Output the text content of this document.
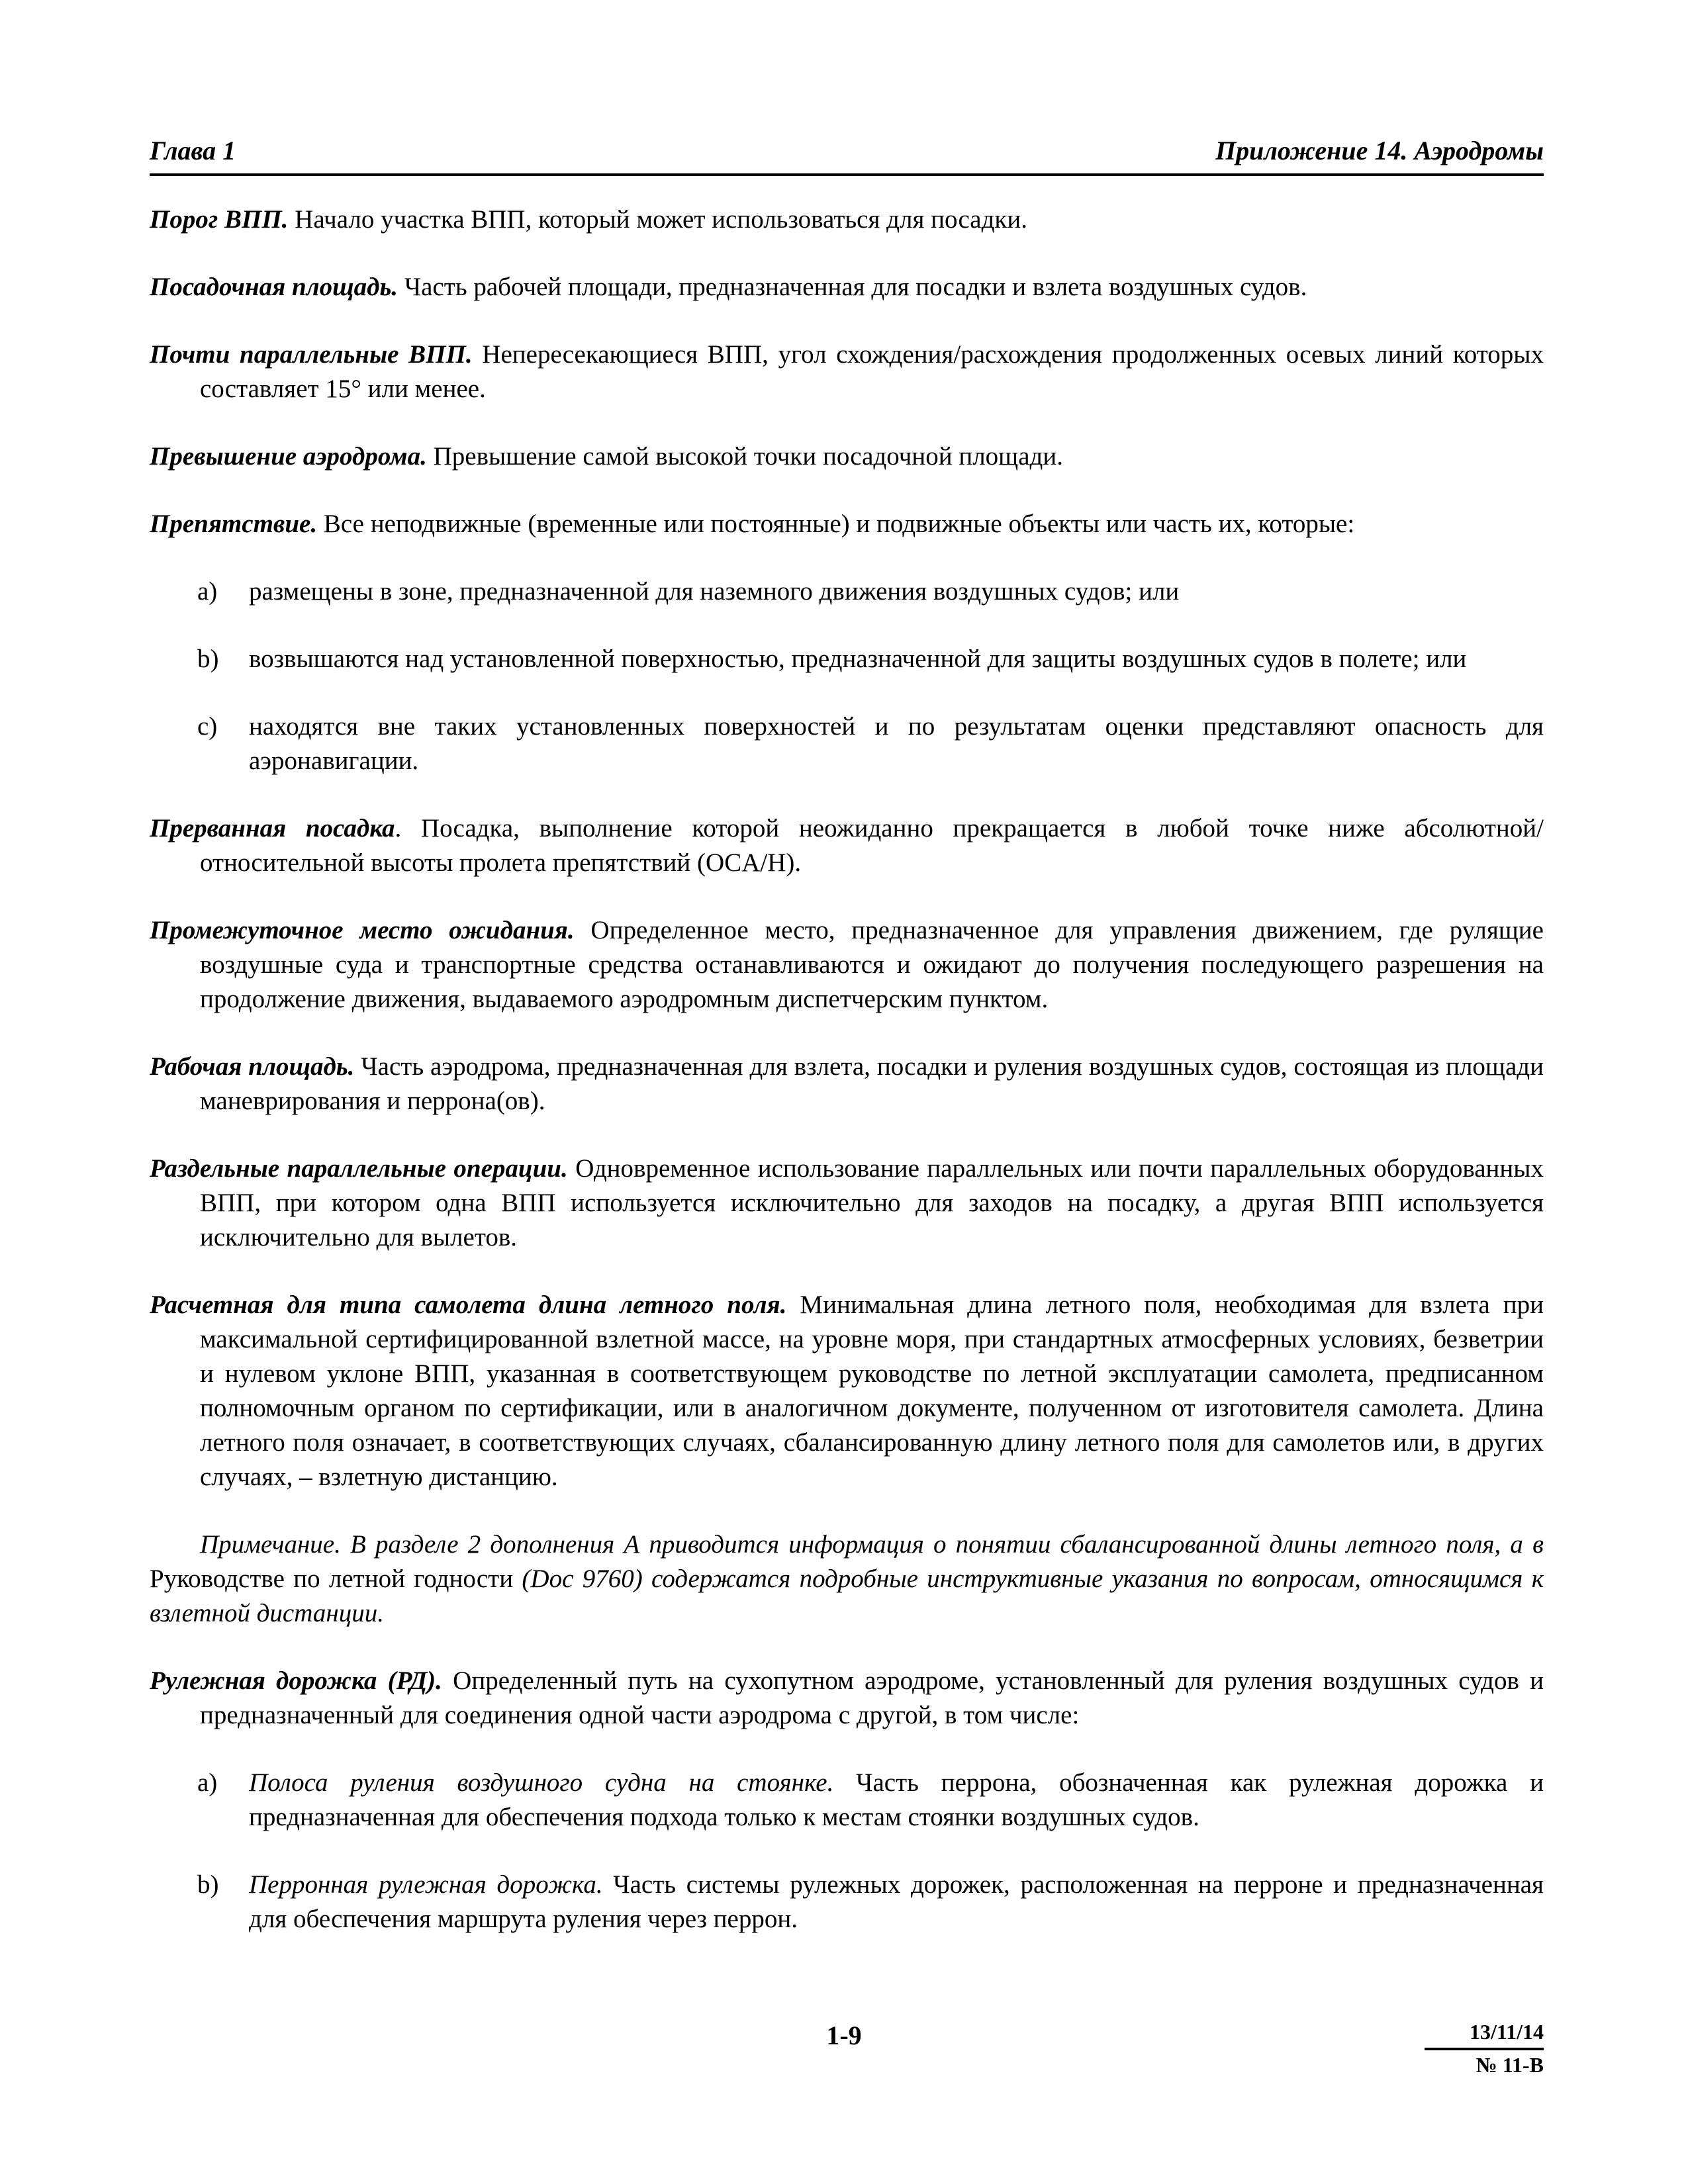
Глава 1	Приложение 14. Аэродромы

Порог ВПП. Начало участка ВПП, который может использоваться для посадки.

Посадочная площадь. Часть рабочей площади, предназначенная для посадки и взлета воздушных судов.

Почти параллельные ВПП. Непересекающиеся ВПП, угол схождения/расхождения продолженных осевых линий которых составляет 15° или менее.

Превышение аэродрома. Превышение самой высокой точки посадочной площади.

Препятствие. Все неподвижные (временные или постоянные) и подвижные объекты или часть их, которые:

a) размещены в зоне, предназначенной для наземного движения воздушных судов; или
b) возвышаются над установленной поверхностью, предназначенной для защиты воздушных судов в полете; или
c) находятся вне таких установленных поверхностей и по результатам оценки представляют опасность для аэронавигации.

Прерванная посадка. Посадка, выполнение которой неожиданно прекращается в любой точке ниже абсолютной/относительной высоты пролета препятствий (OCA/H).

Промежуточное место ожидания. Определенное место, предназначенное для управления движением, где рулящие воздушные суда и транспортные средства останавливаются и ожидают до получения последующего разрешения на продолжение движения, выдаваемого аэродромным диспетчерским пунктом.

Рабочая площадь. Часть аэродрома, предназначенная для взлета, посадки и руления воздушных судов, состоящая из площади маневрирования и перрона(ов).

Раздельные параллельные операции. Одновременное использование параллельных или почти параллельных оборудованных ВПП, при котором одна ВПП используется исключительно для заходов на посадку, а другая ВПП используется исключительно для вылетов.

Расчетная для типа самолета длина летного поля. Минимальная длина летного поля, необходимая для взлета при максимальной сертифицированной взлетной массе, на уровне моря, при стандартных атмосферных условиях, безветрии и нулевом уклоне ВПП, указанная в соответствующем руководстве по летной эксплуатации самолета, предписанном полномочным органом по сертификации, или в аналогичном документе, полученном от изготовителя самолета. Длина летного поля означает, в соответствующих случаях, сбалансированную длину летного поля для самолетов или, в других случаях, – взлетную дистанцию.

Примечание. В разделе 2 дополнения А приводится информация о понятии сбалансированной длины летного поля, а в Руководстве по летной годности (Doc 9760) содержатся подробные инструктивные указания по вопросам, относящимся к взлетной дистанции.

Рулежная дорожка (РД). Определенный путь на сухопутном аэродроме, установленный для руления воздушных судов и предназначенный для соединения одной части аэродрома с другой, в том числе:

a) Полоса руления воздушного судна на стоянке. Часть перрона, обозначенная как рулежная дорожка и предназначенная для обеспечения подхода только к местам стоянки воздушных судов.
b) Перронная рулежная дорожка. Часть системы рулежных дорожек, расположенная на перроне и предназначенная для обеспечения маршрута руления через перрон.
1-9	13/11/14
№ 11-В
